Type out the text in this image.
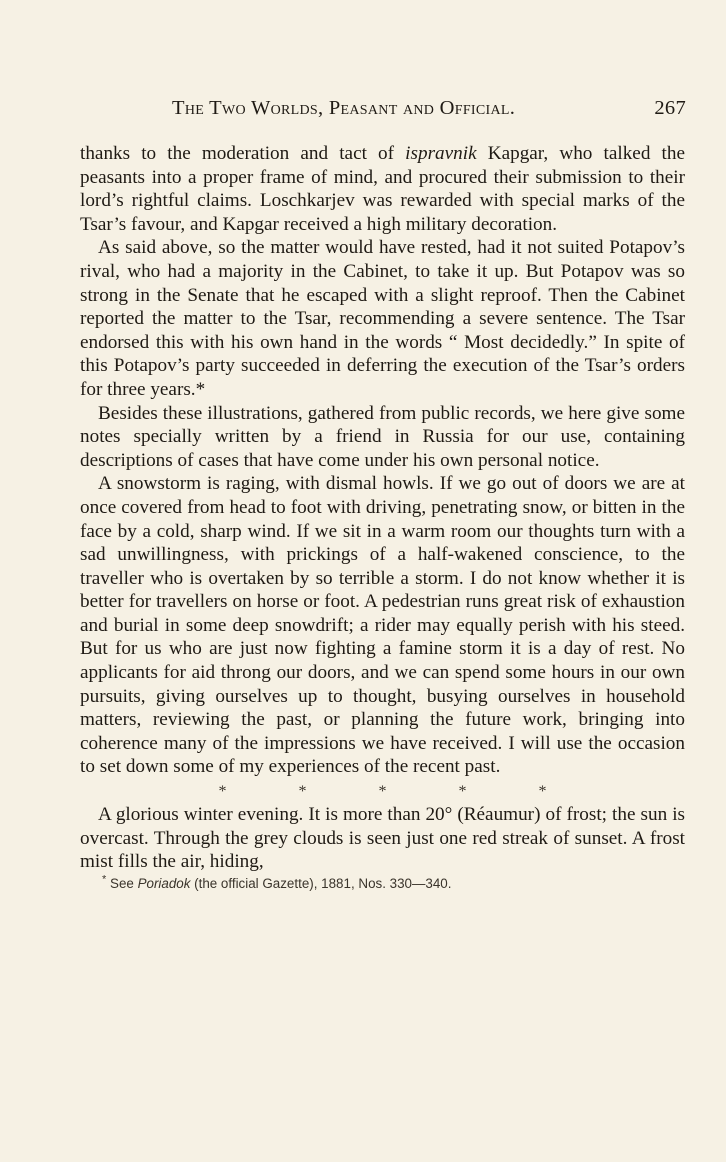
The Two Worlds, Peasant and Official.	267

thanks to the moderation and tact of ispravnik Kapgar, who talked the peasants into a proper frame of mind, and procured their submission to their lord’s rightful claims. Loschkarjev was rewarded with special marks of the Tsar’s favour, and Kapgar received a high military decoration.

As said above, so the matter would have rested, had it not suited Potapov’s rival, who had a majority in the Cabinet, to take it up. But Potapov was so strong in the Senate that he escaped with a slight reproof. Then the Cabinet reported the matter to the Tsar, recommending a severe sentence. The Tsar endorsed this with his own hand in the words “ Most decidedly.” In spite of this Potapov’s party succeeded in deferring the execution of the Tsar’s orders for three years.*

Besides these illustrations, gathered from public records, we here give some notes specially written by a friend in Russia for our use, containing descriptions of cases that have come under his own personal notice.

A snowstorm is raging, with dismal howls. If we go out of doors we are at once covered from head to foot with driving, penetrating snow, or bitten in the face by a cold, sharp wind. If we sit in a warm room our thoughts turn with a sad unwillingness, with prickings of a half-wakened conscience, to the traveller who is overtaken by so terrible a storm. I do not know whether it is better for travellers on horse or foot. A pedestrian runs great risk of exhaustion and burial in some deep snowdrift; a rider may equally perish with his steed. But for us who are just now fighting a famine storm it is a day of rest. No applicants for aid throng our doors, and we can spend some hours in our own pursuits, giving ourselves up to thought, busying ourselves in household matters, reviewing the past, or planning the future work, bringing into coherence many of the impressions we have received. I will use the occasion to set down some of my experiences of the recent past.

*	*	*	*	*

A glorious winter evening. It is more than 20° (Réaumur) of frost; the sun is overcast. Through the grey clouds is seen just one red streak of sunset. A frost mist fills the air, hiding,

* See Poriadok (the official Gazette), 1881, Nos. 330—340.
